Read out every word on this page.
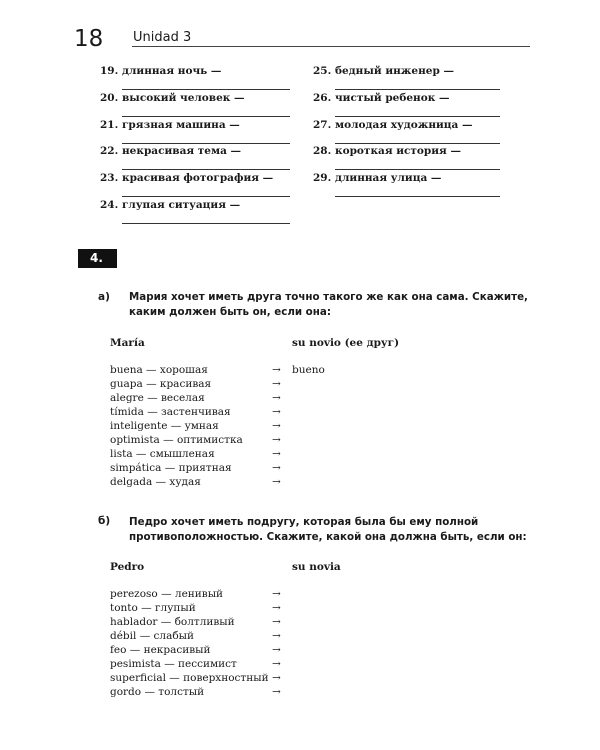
18 Unidad 3
19. длинная ночь —
20. высокий человек —
21. грязная машина —
22. некрасивая тема —
23. красивая фотография —
24. глупая ситуация —
25. бедный инженер —
26. чистый ребенок —
27. молодая художница —
28. короткая история —
29. длинная улица —
4.
а) Мария хочет иметь друга точно такого же как она сама. Скажите, каким должен быть он, если она:
María	su novio (ее друг)
buena — хорошая	→ bueno
guapa — красивая	→
alegre — веселая	→
tímida — застенчивая	→
inteligente — умная	→
optimista — оптимистка	→
lista — смышленая	→
simpática — приятная	→
delgada — худая	→
б) Педро хочет иметь подругу, которая была бы ему полной противоположностью. Скажите, какой она должна быть, если он:
Pedro	su novia
perezoso — ленивый	→
tonto — глупый	→
hablador — болтливый	→
débil — слабый	→
feo — некрасивый	→
pesimista — пессимист	→
superficial — поверхностный →
gordo — толстый	→
